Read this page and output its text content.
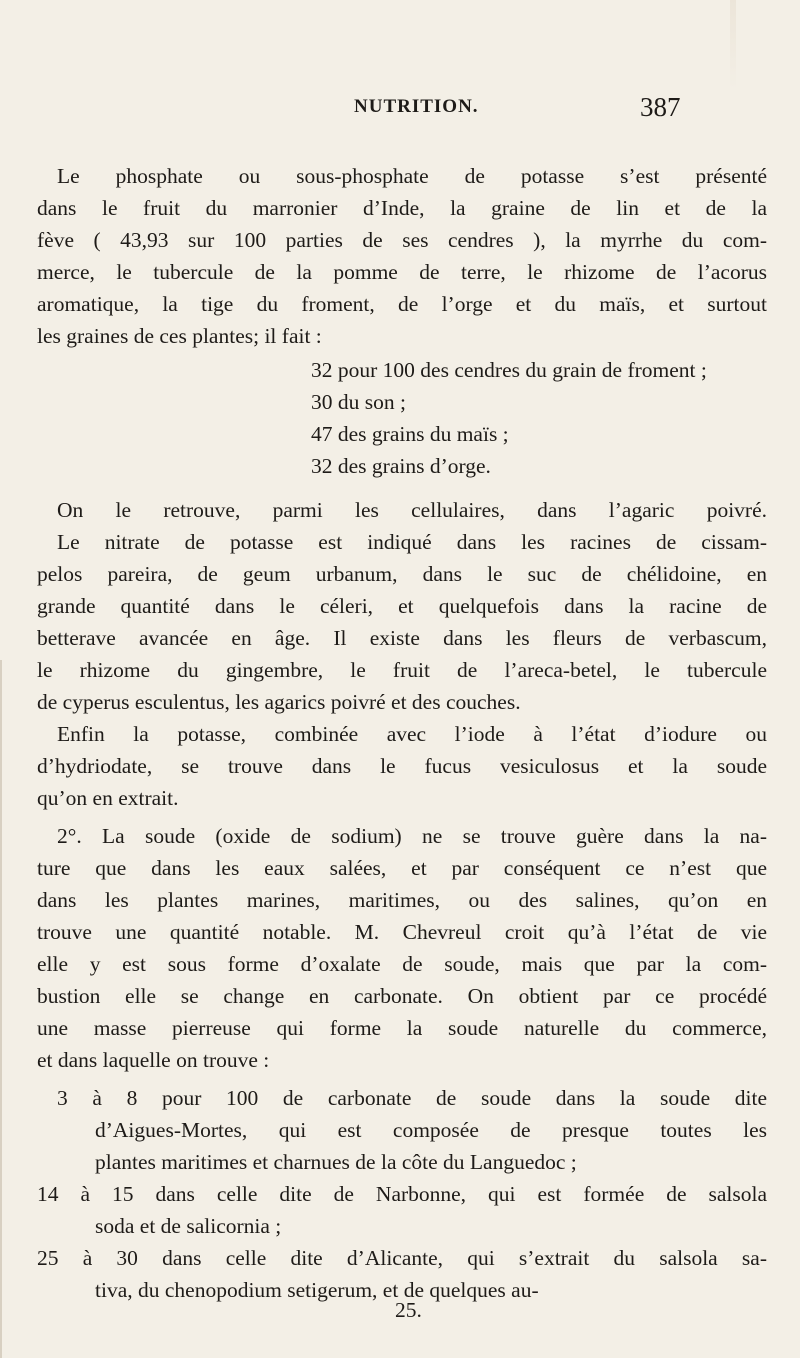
NUTRITION.	387
Le phosphate ou sous-phosphate de potasse s’est présenté
dans le fruit du marronier d’Inde, la graine de lin et de la
fève ( 43,93 sur 100 parties de ses cendres ), la myrrhe du com-
merce, le tubercule de la pomme de terre, le rhizome de l’acorus
aromatique, la tige du froment, de l’orge et du maïs, et surtout
les graines de ces plantes; il fait :
32 pour 100 des cendres du grain de froment ;
30 du son ;
47 des grains du maïs ;
32 des grains d’orge.
On le retrouve, parmi les cellulaires, dans l’agaric poivré.
Le nitrate de potasse est indiqué dans les racines de cissam-
pelos pareira, de geum urbanum, dans le suc de chélidoine, en
grande quantité dans le céleri, et quelquefois dans la racine de
betterave avancée en âge. Il existe dans les fleurs de verbascum,
le rhizome du gingembre, le fruit de l’areca-betel, le tubercule
de cyperus esculentus, les agarics poivré et des couches.
Enfin la potasse, combinée avec l’iode à l’état d’iodure ou
d’hydriodate, se trouve dans le fucus vesiculosus et la soude
qu’on en extrait.
2°. La soude (oxide de sodium) ne se trouve guère dans la na-
ture que dans les eaux salées, et par conséquent ce n’est que
dans les plantes marines, maritimes, ou des salines, qu’on en
trouve une quantité notable. M. Chevreul croit qu’à l’état de vie
elle y est sous forme d’oxalate de soude, mais que par la com-
bustion elle se change en carbonate. On obtient par ce procédé
une masse pierreuse qui forme la soude naturelle du commerce,
et dans laquelle on trouve :
3 à 8 pour 100 de carbonate de soude dans la soude dite
d’Aigues-Mortes, qui est composée de presque toutes les
plantes maritimes et charnues de la côte du Languedoc ;
14 à 15 dans celle dite de Narbonne, qui est formée de salsola
soda et de salicornia ;
25 à 30 dans celle dite d’Alicante, qui s’extrait du salsola sa-
tiva, du chenopodium setigerum, et de quelques au-
25.
